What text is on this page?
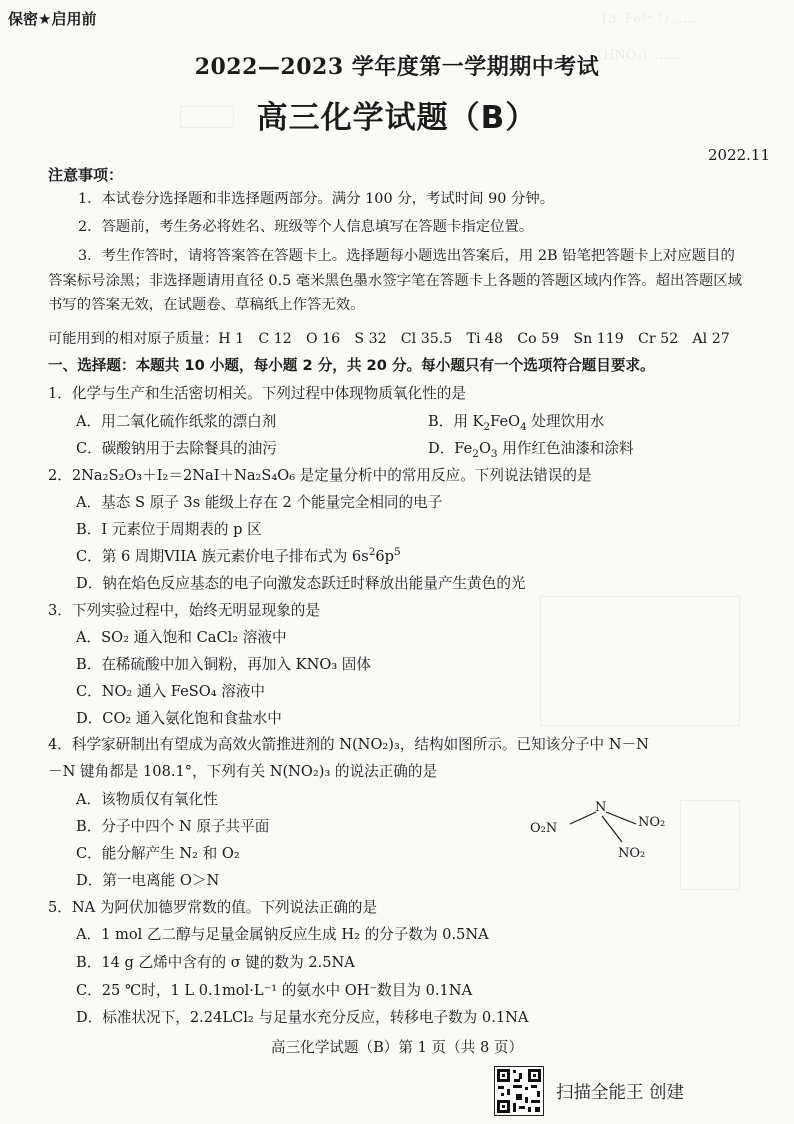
13. Fe³⁺ 与……
（HNO₃）……
保密★启用前
2022—2023 学年度第一学期期中考试
高三化学试题（B）
2022.11
注意事项：
1．本试卷分选择题和非选择题两部分。满分 100 分，考试时间 90 分钟。
2．答题前，考生务必将姓名、班级等个人信息填写在答题卡指定位置。
3．考生作答时，请将答案答在答题卡上。选择题每小题选出答案后，用 2B 铅笔把答题卡上对应题目的答案标号涂黑；非选择题请用直径 0.5 毫米黑色墨水签字笔在答题卡上各题的答题区域内作答。超出答题区域书写的答案无效，在试题卷、草稿纸上作答无效。
可能用到的相对原子质量：H 1　C 12　O 16　S 32　Cl 35.5　Ti 48　Co 59　Sn 119　Cr 52　Al 27
一、选择题：本题共 10 小题，每小题 2 分，共 20 分。每小题只有一个选项符合题目要求。
1．化学与生产和生活密切相关。下列过程中体现物质氧化性的是
A．用二氧化硫作纸浆的漂白剂	B．用 $K_2FeO_4$ 处理饮用水
C．碳酸钠用于去除餐具的油污	D．$Fe_2O_3$ 用作红色油漆和涂料
2．2Na₂S₂O₃＋I₂＝2NaI＋Na₂S₄O₆ 是定量分析中的常用反应。下列说法错误的是
A．基态 S 原子 3s 能级上存在 2 个能量完全相同的电子
B．I 元素位于周期表的 p 区
C．第 6 周期VIIA 族元素价电子排布式为 $6s^26p^5$
D．钠在焰色反应基态的电子向激发态跃迁时释放出能量产生黄色的光
3．下列实验过程中，始终无明显现象的是
A．SO₂ 通入饱和 CaCl₂ 溶液中
B．在稀硫酸中加入铜粉，再加入 KNO₃ 固体
C．NO₂ 通入 FeSO₄ 溶液中
D．CO₂ 通入氨化饱和食盐水中
4．科学家研制出有望成为高效火箭推进剂的 N(NO₂)₃，结构如图所示。已知该分子中 N－N
－N 键角都是 108.1°，下列有关 N(NO₂)₃ 的说法正确的是
A．该物质仅有氧化性
B．分子中四个 N 原子共平面
C．能分解产生 N₂ 和 O₂
D．第一电离能 O＞N
N
O₂N	NO₂
NO₂
5．NA 为阿伏加德罗常数的值。下列说法正确的是
A．1 mol 乙二醇与足量金属钠反应生成 H₂ 的分子数为 0.5NA
B．14 g 乙烯中含有的 σ 键的数为 2.5NA
C．25 ℃时，1 L 0.1mol·L⁻¹ 的氨水中 OH⁻数目为 0.1NA
D．标准状况下，2.24LCl₂ 与足量水充分反应，转移电子数为 0.1NA
高三化学试题（B）第 1 页（共 8 页）
扫描全能王 创建
